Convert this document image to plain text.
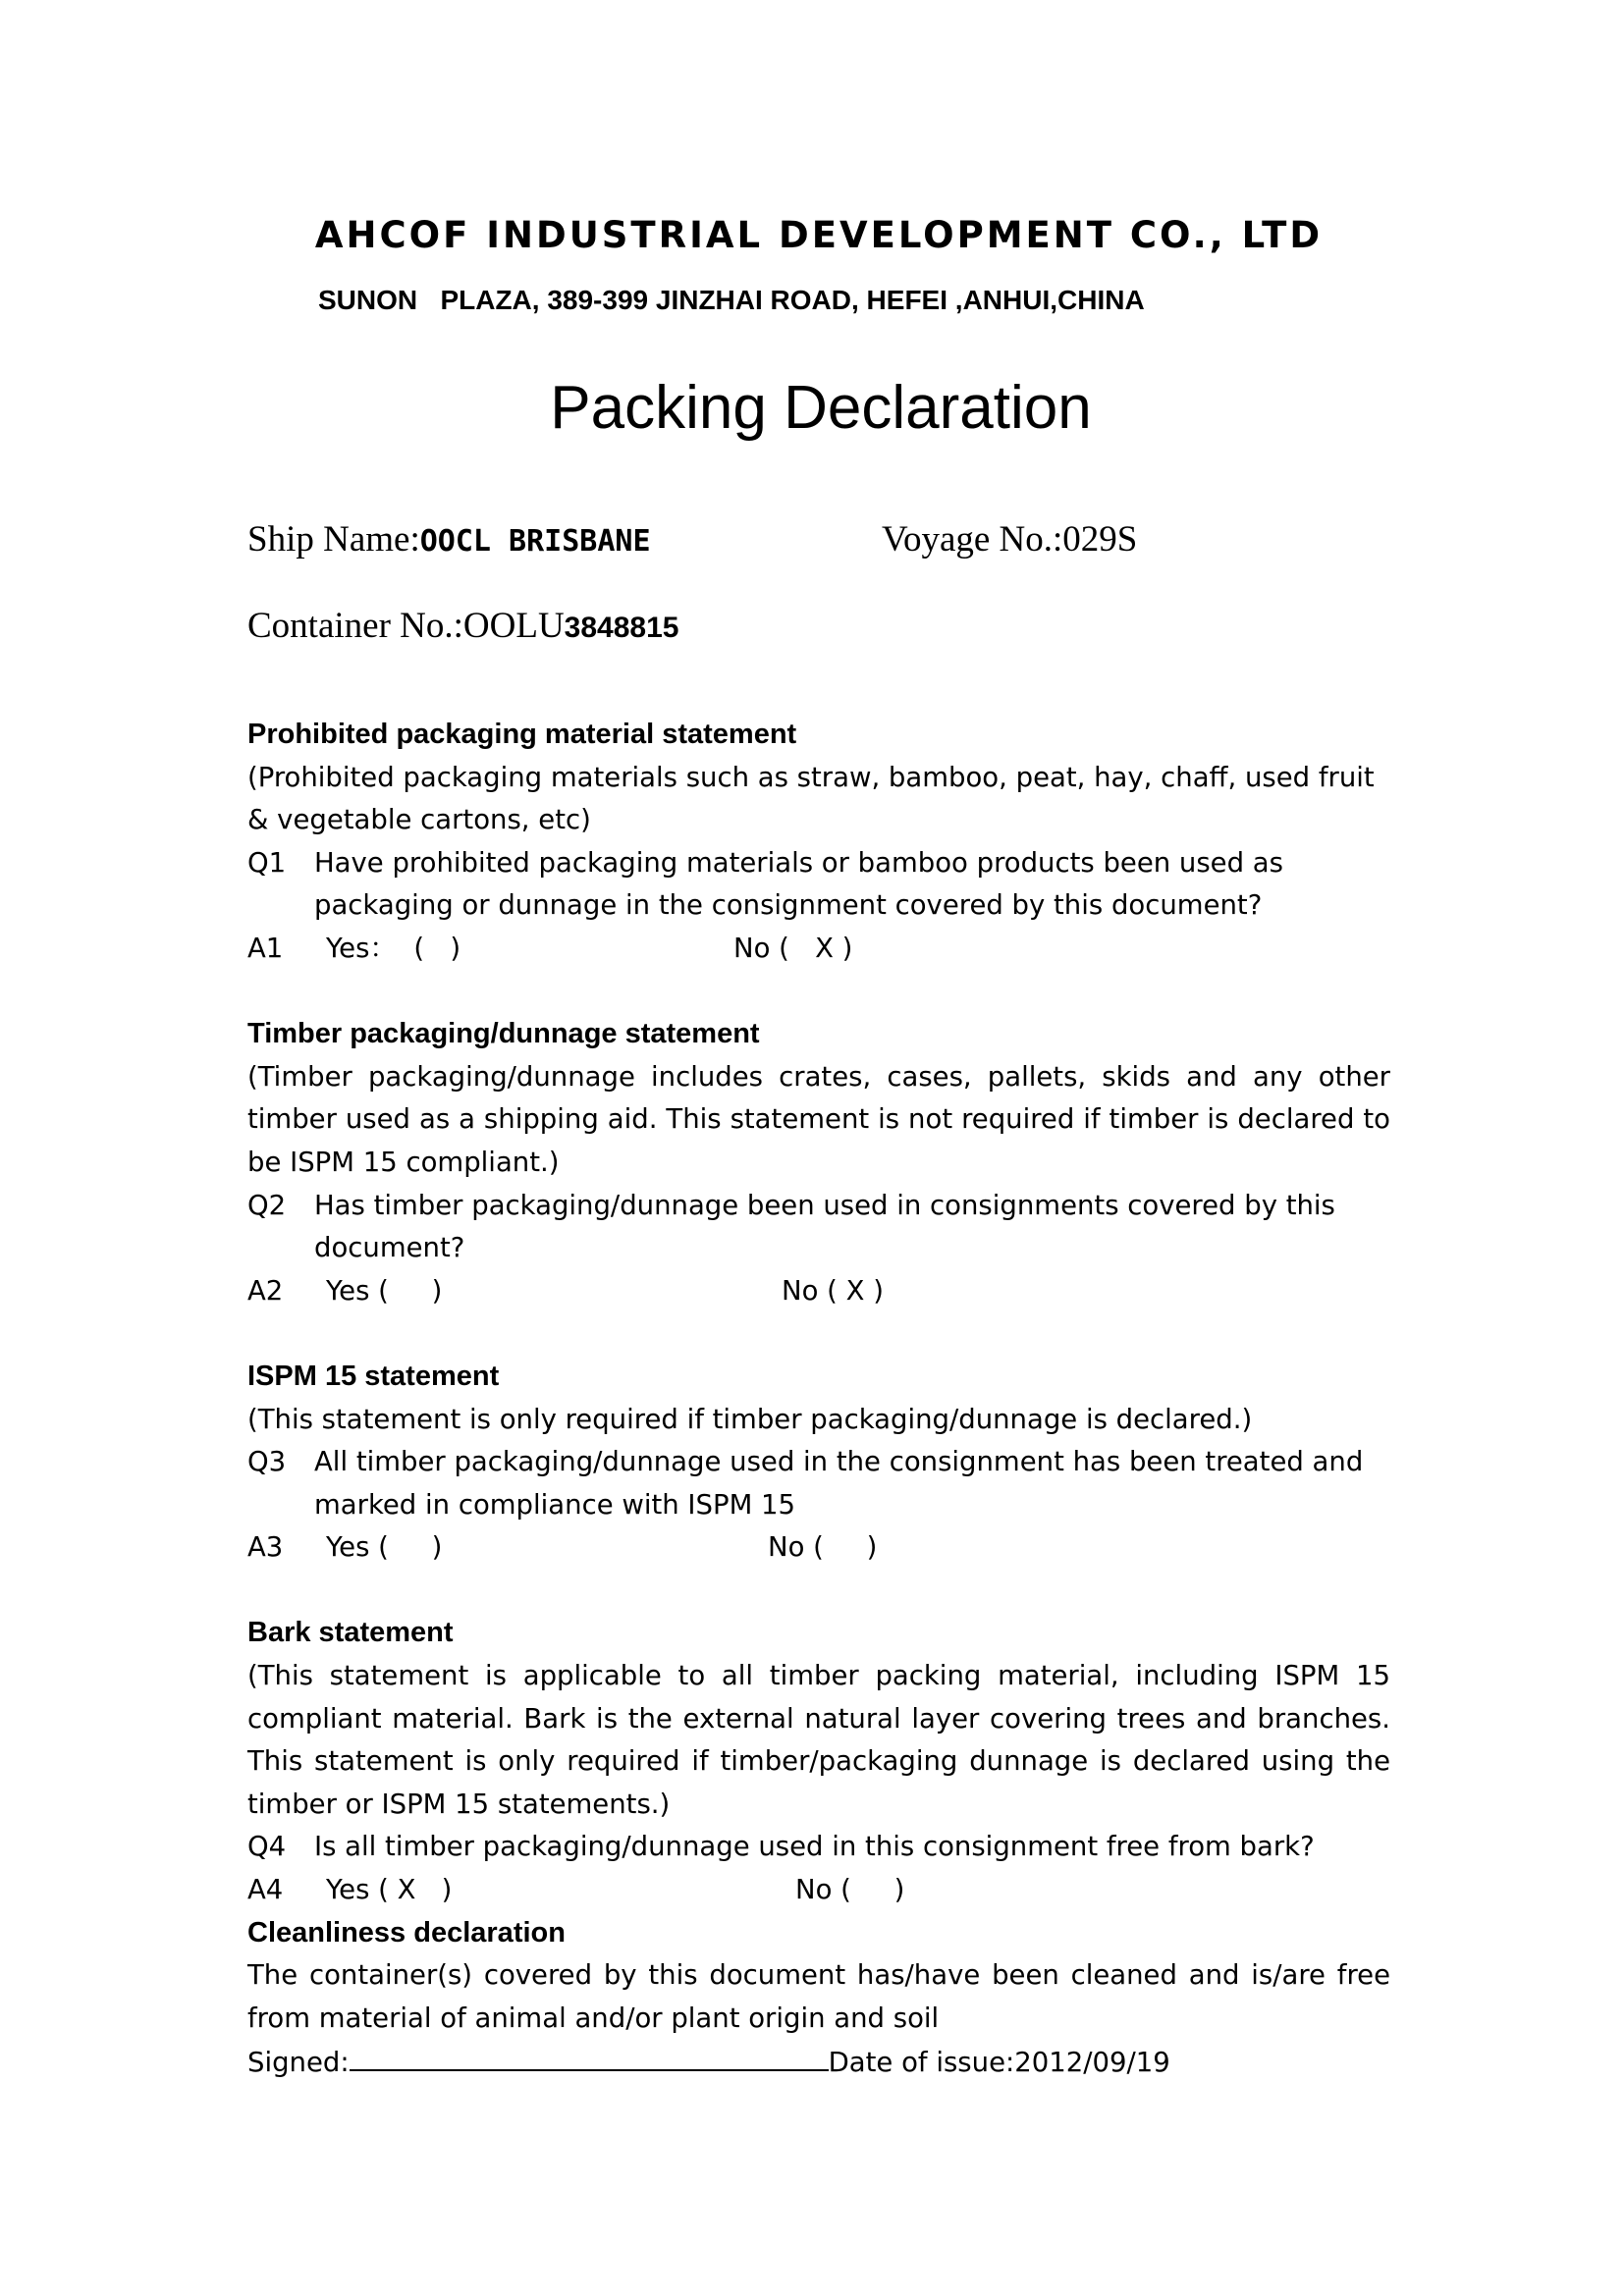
AHCOF INDUSTRIAL DEVELOPMENT CO., LTD
SUNON   PLAZA, 389-399 JINZHAI ROAD, HEFEI ,ANHUI,CHINA
Packing Declaration
Ship Name:OOCL BRISBANE	Voyage No.:029S
Container No.:OOLU3848815
Prohibited packaging material statement
(Prohibited packaging materials such as straw, bamboo, peat, hay, chaff, used fruit & vegetable cartons, etc)
Q1	Have prohibited packaging materials or bamboo products been used as packaging or dunnage in the consignment covered by this document?

A1

Yes：  (   )

	No (   X )

Timber packaging/dunnage statement
(Timber packaging/dunnage includes crates, cases, pallets, skids and any other timber used as a shipping aid. This statement is not required if timber is declared to be ISPM 15 compliant.)
Q2	Has timber packaging/dunnage been used in consignments covered by this document?

A2

Yes (     )

	No ( X )

ISPM 15 statement
(This statement is only required if timber packaging/dunnage is declared.)
Q3	All timber packaging/dunnage used in the consignment has been treated and marked in compliance with ISPM 15

A3

Yes (     )

	No (     )

Bark statement
(This statement is applicable to all timber packing material, including ISPM 15 compliant material. Bark is the external natural layer covering trees and branches. This statement is only required if timber/packaging dunnage is declared using the timber or ISPM 15 statements.)
Q4	Is all timber packaging/dunnage used in this consignment free from bark?

A4

Yes ( X   )

	No (     )

Cleanliness declaration
The container(s) covered by this document has/have been cleaned and is/are free from material of animal and/or plant origin and soil
Signed:	Date of issue:2012/09/19
